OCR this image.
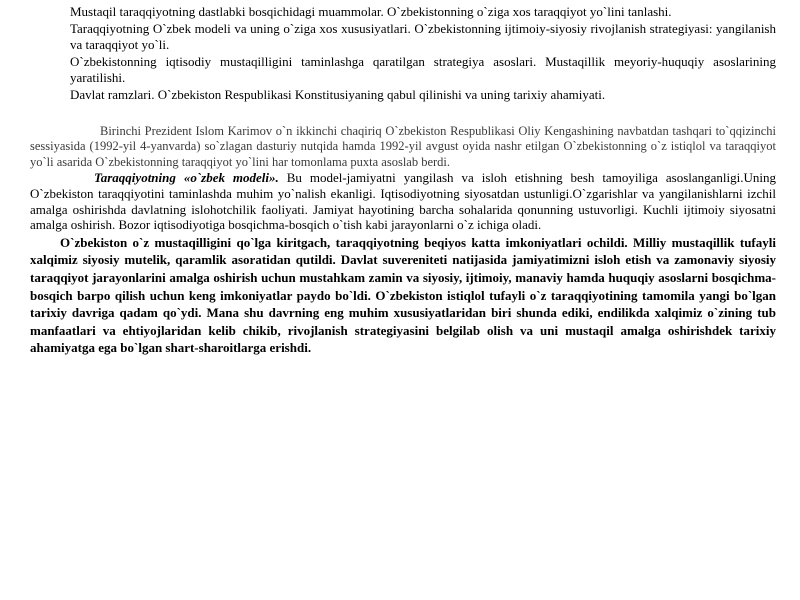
Mustaqil taraqqiyotning dastlabki bosqichidagi muammolar. O`zbekistonning o`ziga xos taraqqiyot yo`lini tanlashi.

Taraqqiyotning O`zbek modeli va uning o`ziga xos xususiyatlari. O`zbekistonning ijtimoiy-siyosiy rivojlanish strategiyasi: yangilanish va taraqqiyot yo`li.

O`zbekistonning iqtisodiy mustaqilligini taminlashga qaratilgan strategiya asoslari. Mustaqillik meyoriy-huquqiy asoslarining yaratilishi.

Davlat ramzlari. O`zbekiston Respublikasi Konstitusiyaning qabul qilinishi va uning tarixiy ahamiyati.

Birinchi Prezident Islom Karimov o`n ikkinchi chaqiriq O`zbekiston Respublikasi Oliy Kengashining navbatdan tashqari to`qqizinchi sessiyasida (1992-yil 4-yanvarda) so`zlagan dasturiy nutqida hamda 1992-yil avgust oyida nashr etilgan O`zbekistonning o`z istiqlol va taraqqiyot yo`li asarida O`zbekistonning taraqqiyot yo`lini har tomonlama puxta asoslab berdi.

Taraqqiyotning «o`zbek modeli». Bu model-jamiyatni yangilash va isloh etishning besh tamoyiliga asoslanganligi.Uning O`zbekiston taraqqiyotini taminlashda muhim yo`nalish ekanligi. Iqtisodiyotning siyosatdan ustunligi.O`zgarishlar va yangilanishlarni izchil amalga oshirishda davlatning islohotchilik faoliyati. Jamiyat hayotining barcha sohalarida qonunning ustuvorligi. Kuchli ijtimoiy siyosatni amalga oshirish. Bozor iqtisodiyotiga bosqichma-bosqich o`tish kabi jarayonlarni o`z ichiga oladi.

O`zbekiston o`z mustaqilligini qo`lga kiritgach, taraqqiyotning beqiyos katta imkoniyatlari ochildi. Milliy mustaqillik tufayli xalqimiz siyosiy mutelik, qaramlik asoratidan qutildi. Davlat suvereniteti natijasida jamiyatimizni isloh etish va zamonaviy siyosiy taraqqiyot jarayonlarini amalga oshirish uchun mustahkam zamin va siyosiy, ijtimoiy, manaviy hamda huquqiy asoslarni bosqichma-bosqich barpo qilish uchun keng imkoniyatlar paydo bo`ldi. O`zbekiston istiqlol tufayli o`z taraqqiyotining tamomila yangi bo`lgan tarixiy davriga qadam qo`ydi. Mana shu davrning eng muhim xususiyatlaridan biri shunda ediki, endilikda xalqimiz o`zining tub manfaatlari va ehtiyojlaridan kelib chikib, rivojlanish strategiyasini belgilab olish va uni mustaqil amalga oshirishdek tarixiy ahamiyatga ega bo`lgan shart-sharoitlarga erishdi.
